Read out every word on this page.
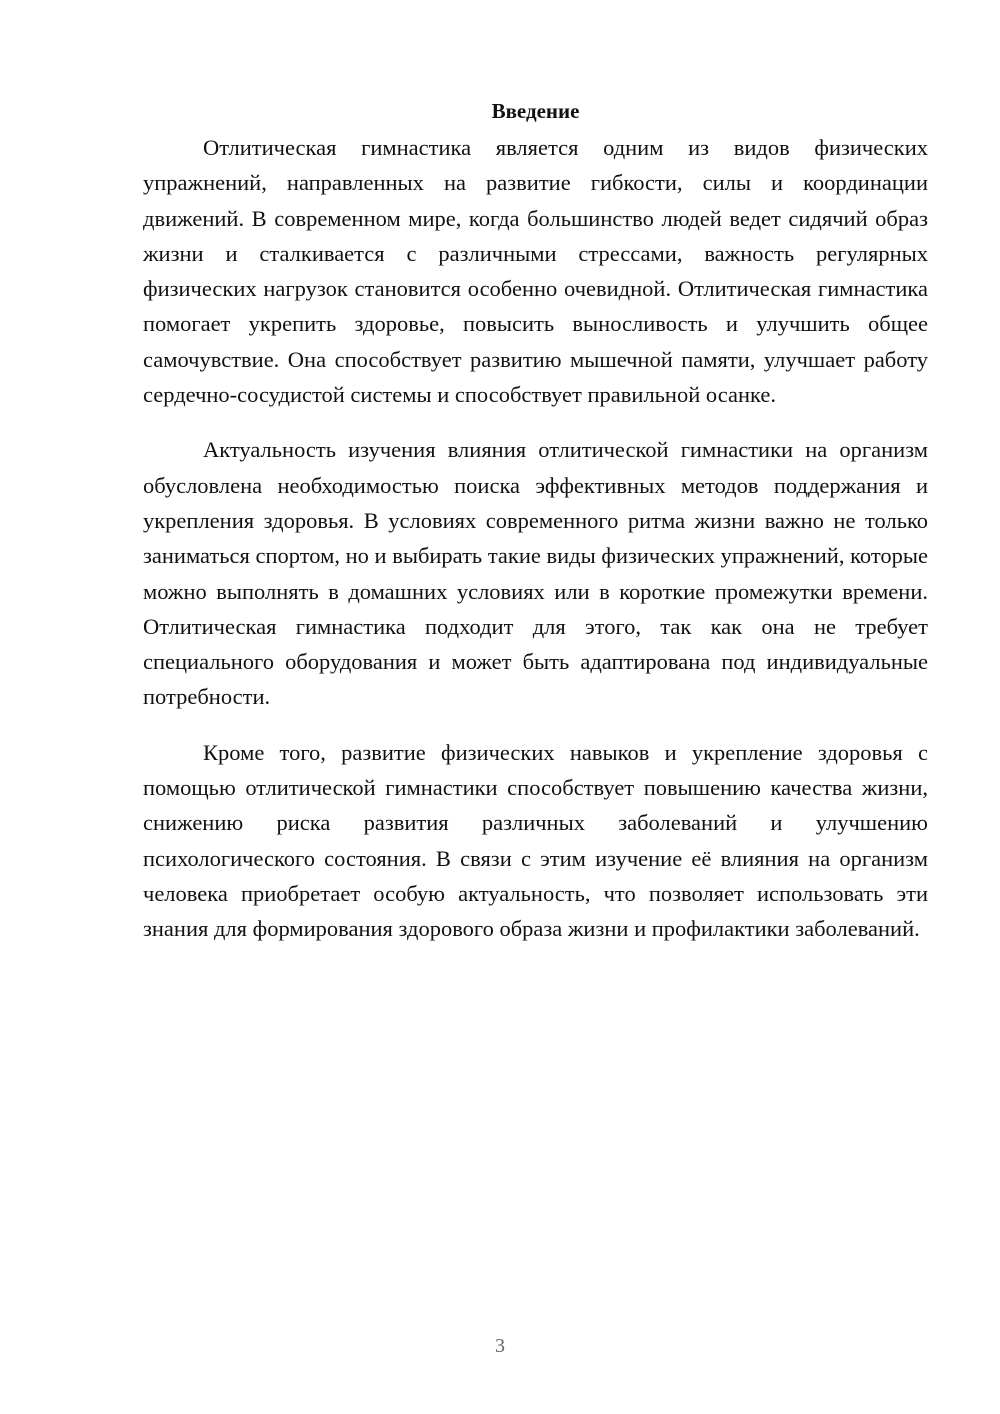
Введение

Отлитическая гимнастика является одним из видов физических упражнений, направленных на развитие гибкости, силы и координации движений. В современном мире, когда большинство людей ведет сидячий образ жизни и сталкивается с различными стрессами, важность регулярных физических нагрузок становится особенно очевидной. Отлитическая гимнастика помогает укрепить здоровье, повысить выносливость и улучшить общее самочувствие. Она способствует развитию мышечной памяти, улучшает работу сердечно-сосудистой системы и способствует правильной осанке.

Актуальность изучения влияния отлитической гимнастики на организм обусловлена необходимостью поиска эффективных методов поддержания и укрепления здоровья. В условиях современного ритма жизни важно не только заниматься спортом, но и выбирать такие виды физических упражнений, которые можно выполнять в домашних условиях или в короткие промежутки времени. Отлитическая гимнастика подходит для этого, так как она не требует специального оборудования и может быть адаптирована под индивидуальные потребности.

Кроме того, развитие физических навыков и укрепление здоровья с помощью отлитической гимнастики способствует повышению качества жизни, снижению риска развития различных заболеваний и улучшению психологического состояния. В связи с этим изучение её влияния на организм человека приобретает особую актуальность, что позволяет использовать эти знания для формирования здорового образа жизни и профилактики заболеваний.

3
